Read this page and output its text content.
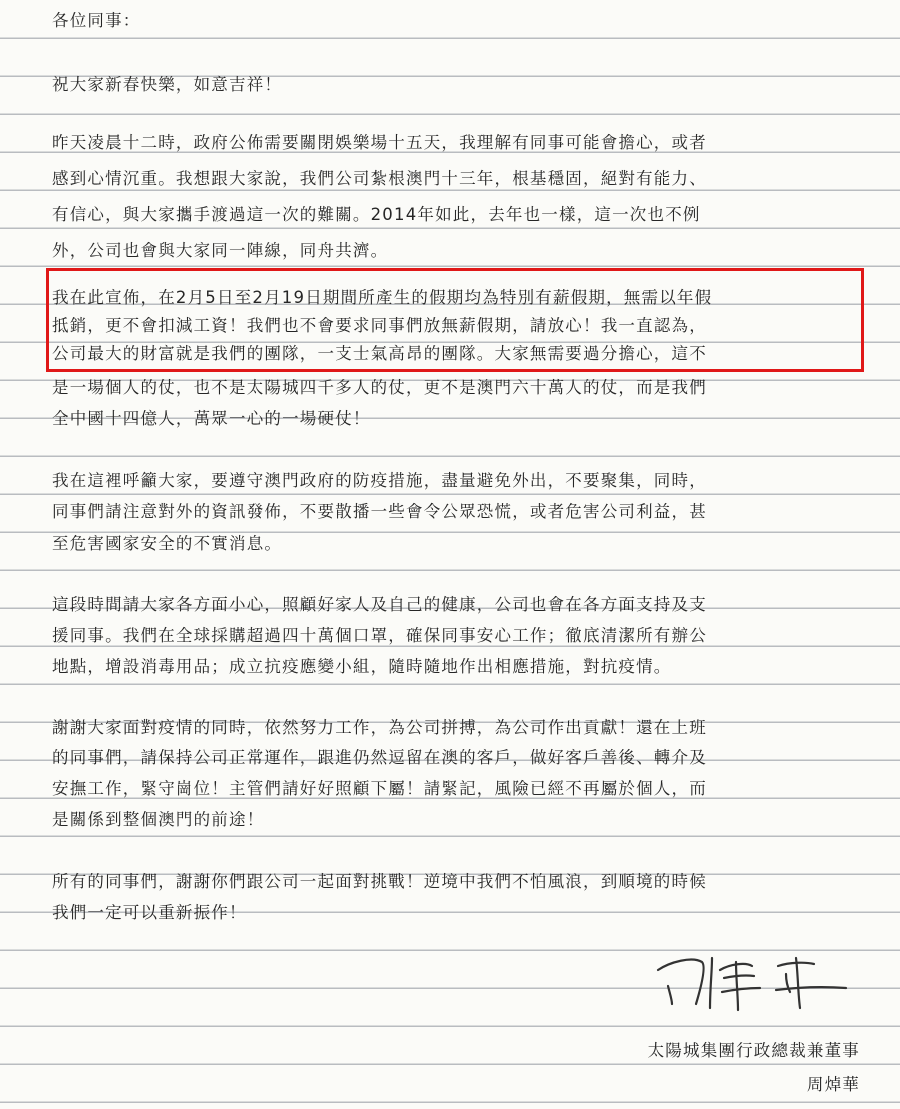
各位同事：
祝大家新春快樂，如意吉祥！
昨天凌晨十二時，政府公佈需要關閉娛樂場十五天，我理解有同事可能會擔心，或者
感到心情沉重。我想跟大家說，我們公司紮根澳門十三年，根基穩固，絕對有能力、
有信心，與大家攜手渡過這一次的難關。2014年如此，去年也一樣，這一次也不例
外，公司也會與大家同一陣線，同舟共濟。
我在此宣佈，在2月5日至2月19日期間所產生的假期均為特別有薪假期，無需以年假
抵銷，更不會扣減工資！我們也不會要求同事們放無薪假期，請放心！我一直認為，
公司最大的財富就是我們的團隊，一支士氣高昂的團隊。大家無需要過分擔心，這不
是一場個人的仗，也不是太陽城四千多人的仗，更不是澳門六十萬人的仗，而是我們
全中國十四億人，萬眾一心的一場硬仗！
我在這裡呼籲大家，要遵守澳門政府的防疫措施，盡量避免外出，不要聚集，同時，
同事們請注意對外的資訊發佈，不要散播一些會令公眾恐慌，或者危害公司利益，甚
至危害國家安全的不實消息。
這段時間請大家各方面小心，照顧好家人及自己的健康，公司也會在各方面支持及支
援同事。我們在全球採購超過四十萬個口罩，確保同事安心工作；徹底清潔所有辦公
地點，增設消毒用品；成立抗疫應變小組，隨時隨地作出相應措施，對抗疫情。
謝謝大家面對疫情的同時，依然努力工作，為公司拼搏，為公司作出貢獻！還在上班
的同事們，請保持公司正常運作，跟進仍然逗留在澳的客戶，做好客戶善後、轉介及
安撫工作，緊守崗位！主管們請好好照顧下屬！請緊記，風險已經不再屬於個人，而
是關係到整個澳門的前途！
所有的同事們，謝謝你們跟公司一起面對挑戰！逆境中我們不怕風浪，到順境的時候
我們一定可以重新振作！
太陽城集團行政總裁兼董事
周焯華
